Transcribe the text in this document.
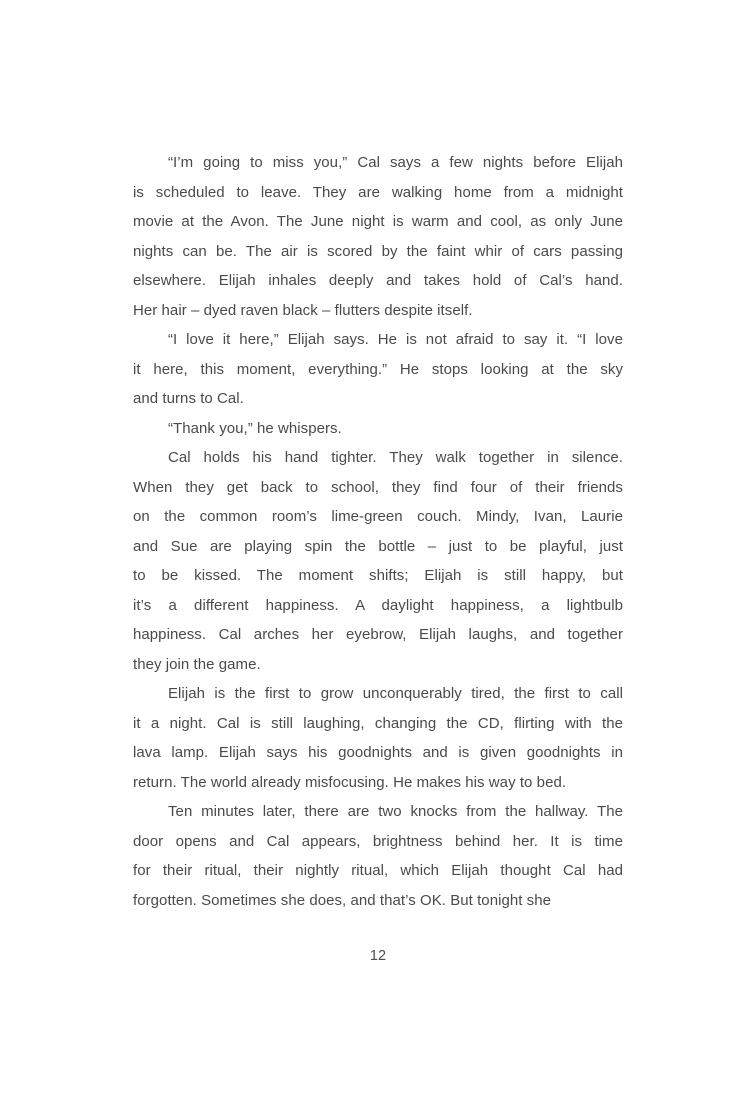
“I’m going to miss you,” Cal says a few nights before Elijah
is scheduled to leave. They are walking home from a midnight
movie at the Avon. The June night is warm and cool, as only June
nights can be. The air is scored by the faint whir of cars passing
elsewhere. Elijah inhales deeply and takes hold of Cal’s hand.
Her hair – dyed raven black – flutters despite itself.
“I love it here,” Elijah says. He is not afraid to say it. “I love
it here, this moment, everything.” He stops looking at the sky
and turns to Cal.
“Thank you,” he whispers.
Cal holds his hand tighter. They walk together in silence.
When they get back to school, they find four of their friends
on the common room’s lime-green couch. Mindy, Ivan, Laurie
and Sue are playing spin the bottle – just to be playful, just
to be kissed. The moment shifts; Elijah is still happy, but
it’s a different happiness. A daylight happiness, a lightbulb
happiness. Cal arches her eyebrow, Elijah laughs, and together
they join the game.
Elijah is the first to grow unconquerably tired, the first to call
it a night. Cal is still laughing, changing the CD, flirting with the
lava lamp. Elijah says his goodnights and is given goodnights in
return. The world already misfocusing. He makes his way to bed.
Ten minutes later, there are two knocks from the hallway. The
door opens and Cal appears, brightness behind her. It is time
for their ritual, their nightly ritual, which Elijah thought Cal had
forgotten. Sometimes she does, and that’s OK. But tonight she
12
